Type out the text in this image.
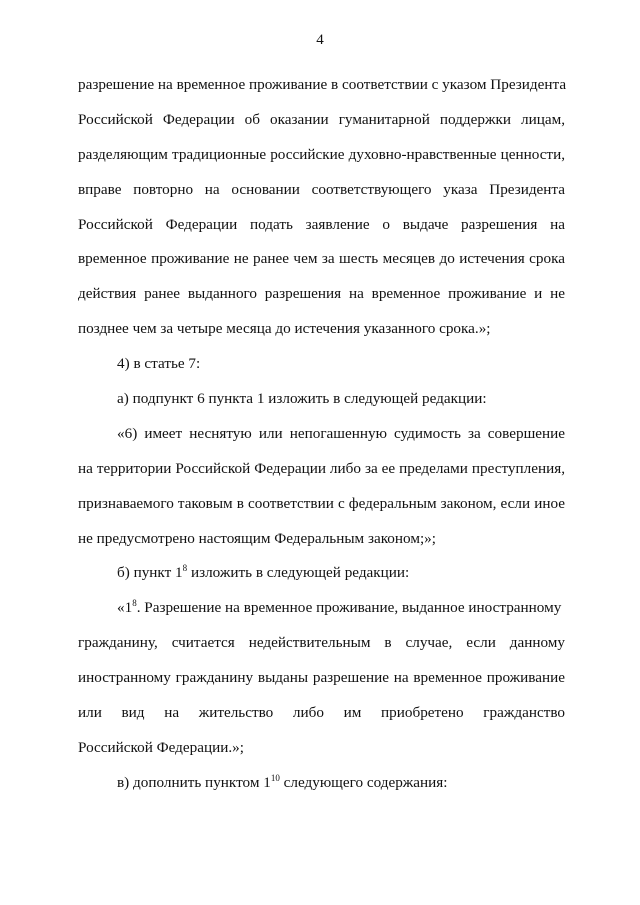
4
разрешение на временное проживание в соответствии с указом Президента
Российской Федерации об оказании гуманитарной поддержки лицам,
разделяющим традиционные российские духовно-нравственные ценности,
вправе повторно на основании соответствующего указа Президента
Российской Федерации подать заявление о выдаче разрешения на
временное проживание не ранее чем за шесть месяцев до истечения срока
действия ранее выданного разрешения на временное проживание и не
позднее чем за четыре месяца до истечения указанного срока.»;
4) в статье 7:
а) подпункт 6 пункта 1 изложить в следующей редакции:
«6) имеет неснятую или непогашенную судимость за совершение
на территории Российской Федерации либо за ее пределами преступления,
признаваемого таковым в соответствии с федеральным законом, если иное
не предусмотрено настоящим Федеральным законом;»;
б) пункт $1^8$ изложить в следующей редакции:
«$1^8$. Разрешение на временное проживание, выданное иностранному
гражданину, считается недействительным в случае, если данному
иностранному гражданину выданы разрешение на временное проживание
или вид на жительство либо им приобретено гражданство
Российской Федерации.»;
в) дополнить пунктом $1^{10}$ следующего содержания:
